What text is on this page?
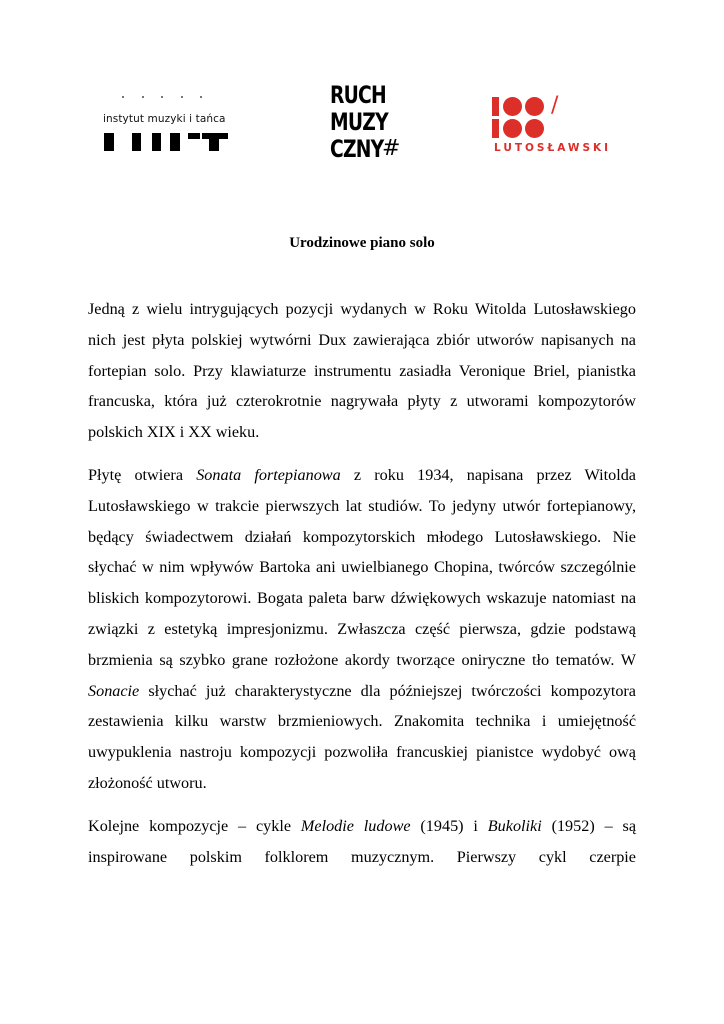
instytut muzyki i tańca
RUCH
MUZY
CZNY
#
/
LUTOSŁAWSKI
Urodzinowe piano solo

Jedną z wielu intrygujących pozycji wydanych w Roku Witolda Lutosławskiego nich jest płyta polskiej wytwórni Dux zawierająca zbiór utworów napisanych na fortepian solo. Przy klawiaturze instrumentu zasiadła Veronique Briel, pianistka francuska, która już czterokrotnie nagrywała płyty z utworami kompozytorów polskich XIX i XX wieku.

Płytę otwiera Sonata fortepianowa z roku 1934, napisana przez Witolda Lutosławskiego w trakcie pierwszych lat studiów. To jedyny utwór fortepianowy, będący świadectwem działań kompozytorskich młodego Lutosławskiego. Nie słychać w nim wpływów Bartoka ani uwielbianego Chopina, twórców szczególnie bliskich kompozytorowi. Bogata paleta barw dźwiękowych wskazuje natomiast na związki z estetyką impresjonizmu. Zwłaszcza część pierwsza, gdzie podstawą brzmienia są szybko grane rozłożone akordy tworzące oniryczne tło tematów. W Sonacie słychać już charakterystyczne dla późniejszej twórczości kompozytora zestawienia kilku warstw brzmieniowych. Znakomita technika i umiejętność uwypuklenia nastroju kompozycji pozwoliła francuskiej pianistce wydobyć ową złożoność utworu.

Kolejne kompozycje – cykle Melodie ludowe (1945) i Bukoliki (1952) – są inspirowane polskim folklorem muzycznym. Pierwszy cykl czerpie
